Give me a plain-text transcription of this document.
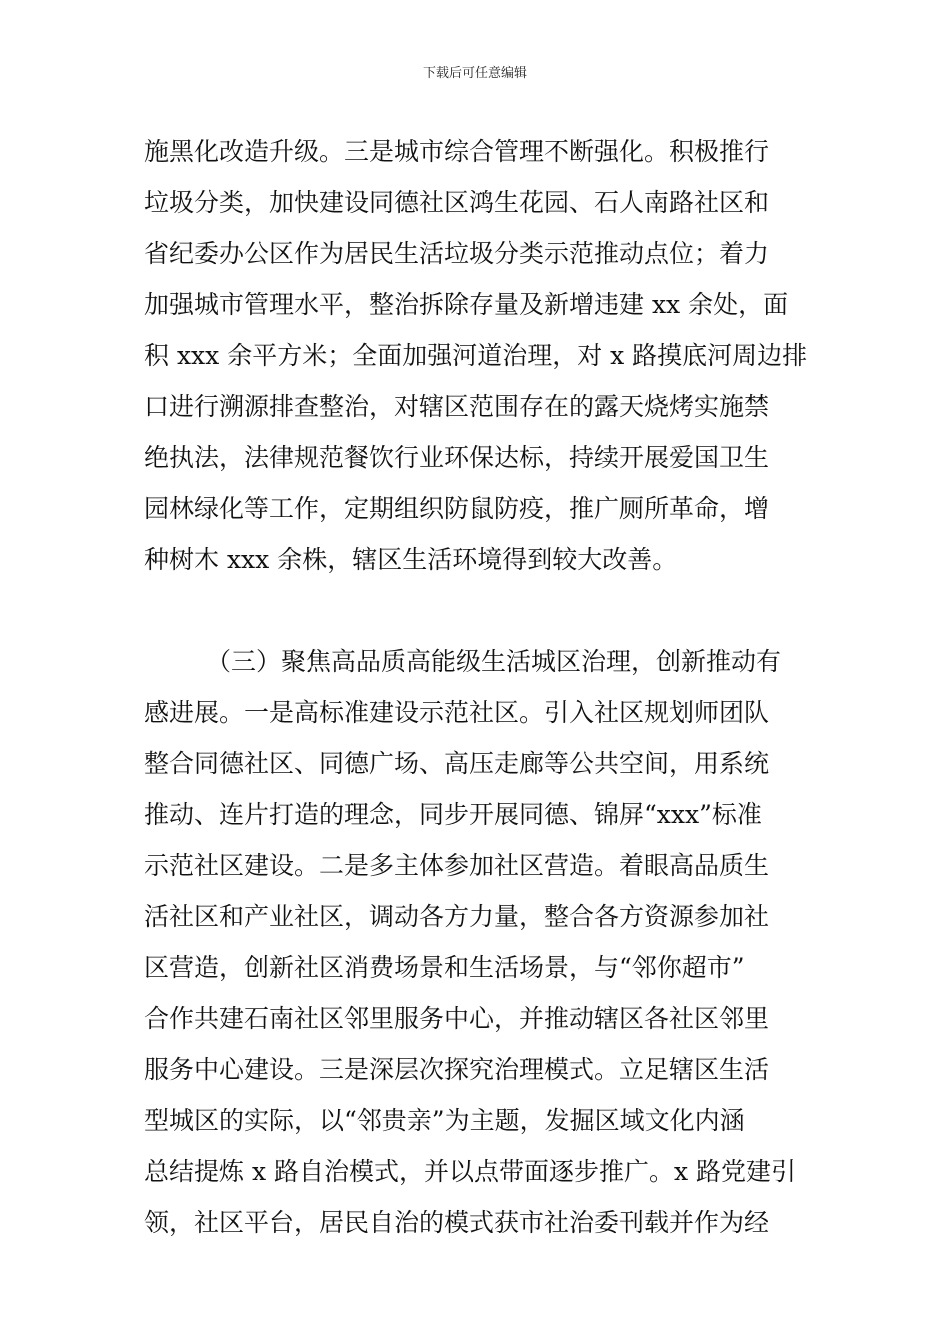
下载后可任意编辑
施黑化改造升级。三是城市综合管理不断强化。积极推行
垃圾分类，加快建设同德社区鸿生花园、石人南路社区和
省纪委办公区作为居民生活垃圾分类示范推动点位；着力
加强城市管理水平，整治拆除存量及新增违建 xx 余处，面
积 xxx 余平方米；全面加强河道治理，对 x 路摸底河周边排
口进行溯源排查整治，对辖区范围存在的露天烧烤实施禁
绝执法，法律规范餐饮行业环保达标，持续开展爱国卫生
园林绿化等工作，定期组织防鼠防疫，推广厕所革命，增
种树木 xxx 余株，辖区生活环境得到较大改善。
（三）聚焦高品质高能级生活城区治理，创新推动有
感进展。一是高标准建设示范社区。引入社区规划师团队
整合同德社区、同德广场、高压走廊等公共空间，用系统
推动、连片打造的理念，同步开展同德、锦屏“xxx”标准
示范社区建设。二是多主体参加社区营造。着眼高品质生
活社区和产业社区，调动各方力量，整合各方资源参加社
区营造，创新社区消费场景和生活场景，与“邻你超市”
合作共建石南社区邻里服务中心，并推动辖区各社区邻里
服务中心建设。三是深层次探究治理模式。立足辖区生活
型城区的实际，以“邻贵亲”为主题，发掘区域文化内涵
总结提炼 x 路自治模式，并以点带面逐步推广。x 路党建引
领，社区平台，居民自治的模式获市社治委刊载并作为经
